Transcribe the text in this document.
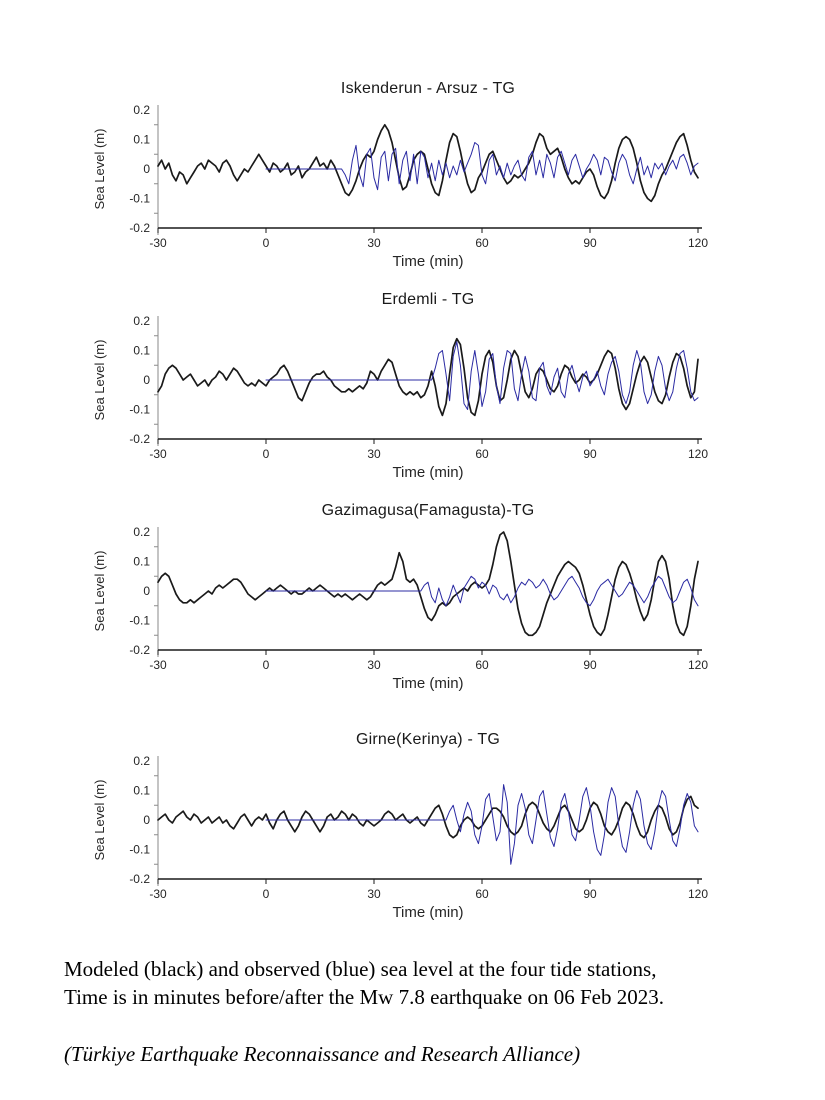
0.2
0.1
0
-0.1
-0.2
-30	0	30	60	90	120
Time (min)
Sea Level (m)
Iskenderun - Arsuz - TG
0.2
0.1
0
-0.1
-0.2
-30	0	30	60	90	120
Time (min)
Sea Level (m)
Erdemli - TG
0.2
0.1
0
-0.1
-0.2
-30	0	30	60	90	120
Time (min)
Sea Level (m)
Gazimagusa(Famagusta)-TG
0.2
0.1
0
-0.1
-0.2
-30	0	30	60	90	120
Time (min)
Sea Level (m)
Girne(Kerinya) - TG
Modeled (black) and observed (blue) sea level at the four tide stations,
Time is in minutes before/after the Mw 7.8 earthquake on 06 Feb 2023.
(Türkiye Earthquake Reconnaissance and Research Alliance)
